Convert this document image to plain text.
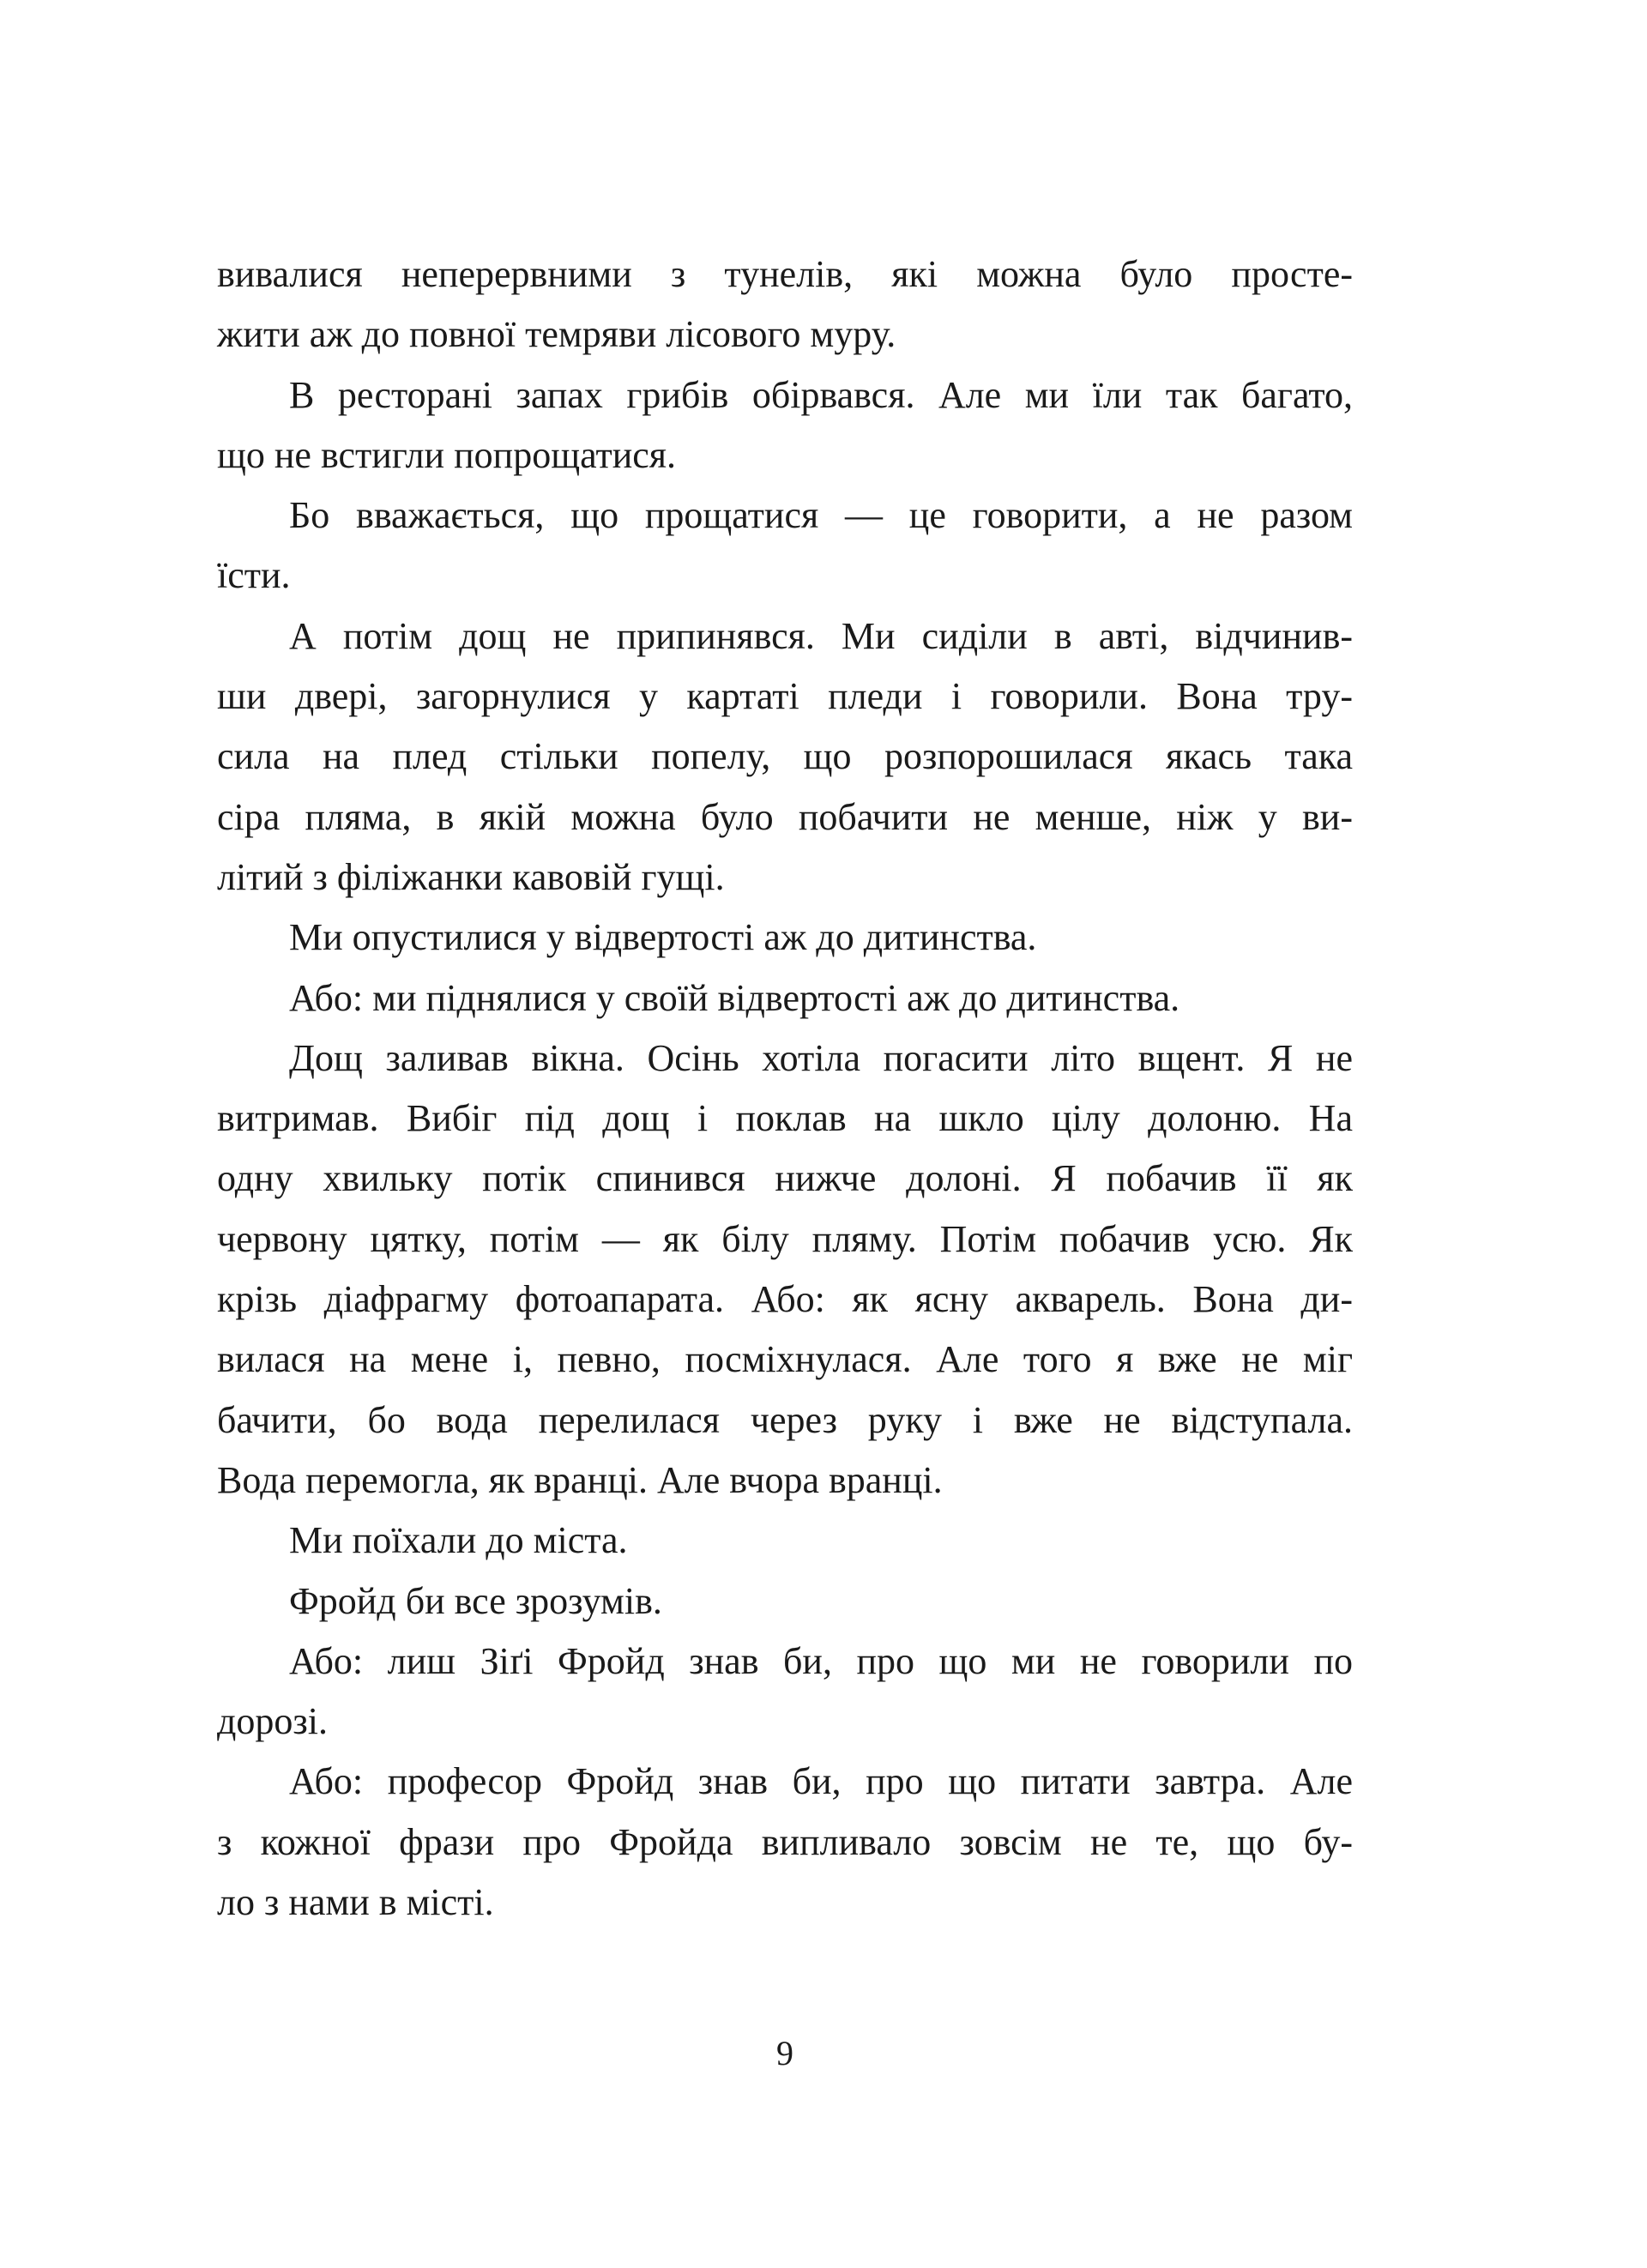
вивалися неперервними з тунелів, які можна було просте-
жити аж до повної темряви лісового муру.
В ресторані запах грибів обірвався. Але ми їли так багато,
що не встигли попрощатися.
Бо вважається, що прощатися — це говорити, а не разом
їсти.
А потім дощ не припинявся. Ми сиділи в авті, відчинив-
ши двері, загорнулися у картаті пледи і говорили. Вона тру-
сила на плед стільки попелу, що розпорошилася якась така
сіра пляма, в якій можна було побачити не менше, ніж у ви-
літий з філіжанки кавовій гущі.
Ми опустилися у відвертості аж до дитинства.
Або: ми піднялися у своїй відвертості аж до дитинства.
Дощ заливав вікна. Осінь хотіла погасити літо вщент. Я не
витримав. Вибіг під дощ і поклав на шкло цілу долоню. На
одну хвильку потік спинився нижче долоні. Я побачив її як
червону цятку, потім — як білу пляму. Потім побачив усю. Як
крізь діафрагму фотоапарата. Або: як ясну акварель. Вона ди-
вилася на мене і, певно, посміхнулася. Але того я вже не міг
бачити, бо вода перелилася через руку і вже не відступала.
Вода перемогла, як вранці. Але вчора вранці.
Ми поїхали до міста.
Фройд би все зрозумів.
Або: лиш Зіґі Фройд знав би, про що ми не говорили по
дорозі.
Або: професор Фройд знав би, про що питати завтра. Але
з кожної фрази про Фройда випливало зовсім не те, що бу-
ло з нами в місті.
9
